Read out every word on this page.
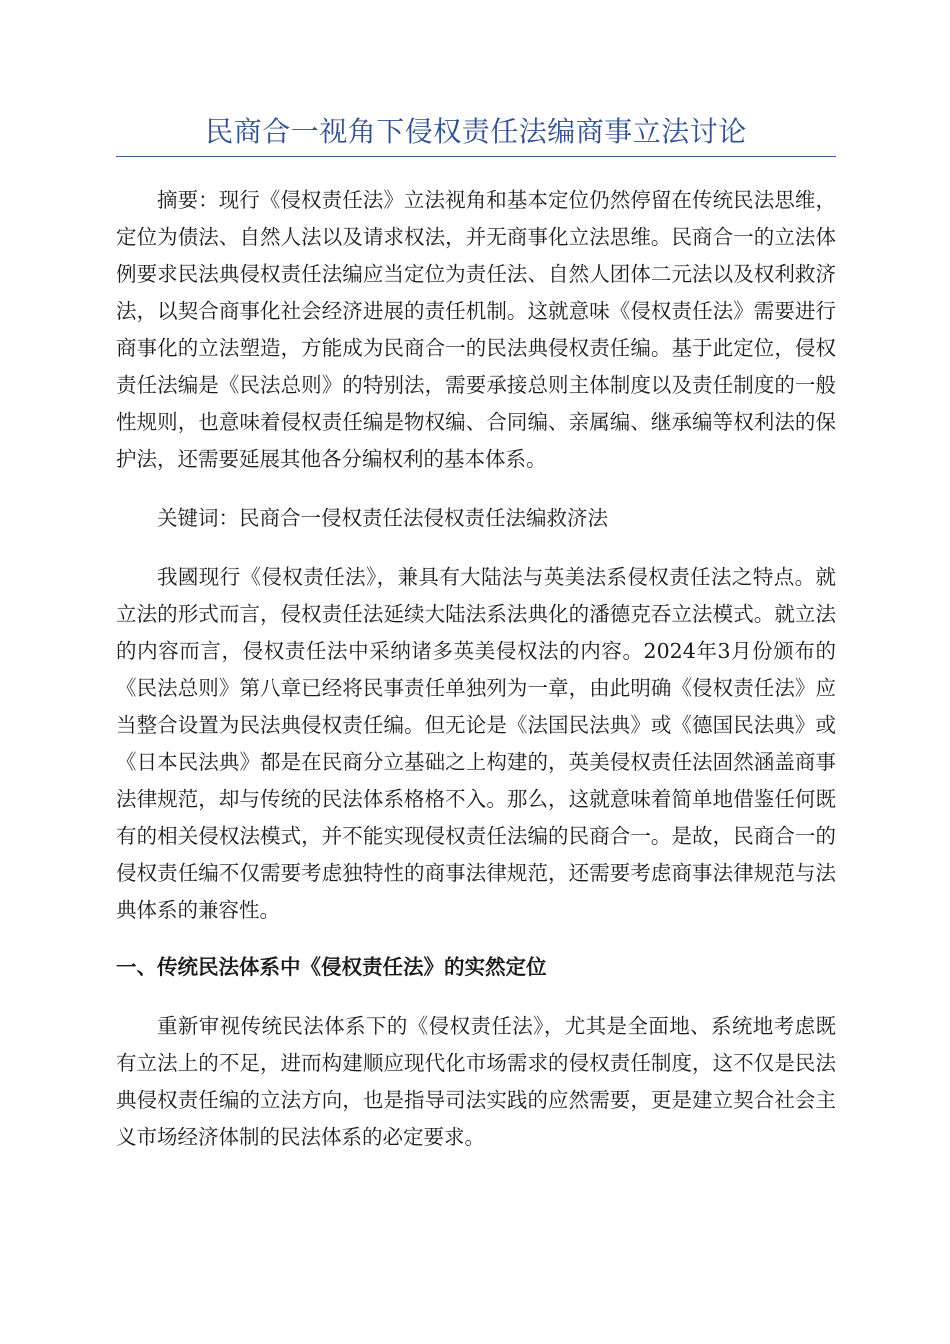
民商合一视角下侵权责任法编商事立法讨论

摘要：现行《侵权责任法》立法视角和基本定位仍然停留在传统民法思维，定位为债法、自然人法以及请求权法，并无商事化立法思维。民商合一的立法体例要求民法典侵权责任法编应当定位为责任法、自然人团体二元法以及权利救济法，以契合商事化社会经济进展的责任机制。这就意味《侵权责任法》需要进行商事化的立法塑造，方能成为民商合一的民法典侵权责任编。基于此定位，侵权责任法编是《民法总则》的特别法，需要承接总则主体制度以及责任制度的一般性规则，也意味着侵权责任编是物权编、合同编、亲属编、继承编等权利法的保护法，还需要延展其他各分编权利的基本体系。

关键词：民商合一侵权责任法侵权责任法编救济法

我國现行《侵权责任法》，兼具有大陆法与英美法系侵权责任法之特点。就立法的形式而言，侵权责任法延续大陆法系法典化的潘德克吞立法模式。就立法的内容而言，侵权责任法中采纳诸多英美侵权法的内容。2024年3月份颁布的《民法总则》第八章已经将民事责任单独列为一章，由此明确《侵权责任法》应当整合设置为民法典侵权责任编。但无论是《法国民法典》或《德国民法典》或《日本民法典》都是在民商分立基础之上构建的，英美侵权责任法固然涵盖商事法律规范，却与传统的民法体系格格不入。那么，这就意味着简单地借鉴任何既有的相关侵权法模式，并不能实现侵权责任法编的民商合一。是故，民商合一的侵权责任编不仅需要考虑独特性的商事法律规范，还需要考虑商事法律规范与法典体系的兼容性。

一、传统民法体系中《侵权责任法》的实然定位

重新审视传统民法体系下的《侵权责任法》，尤其是全面地、系统地考虑既有立法上的不足，进而构建顺应现代化市场需求的侵权责任制度，这不仅是民法典侵权责任编的立法方向，也是指导司法实践的应然需要，更是建立契合社会主义市场经济体制的民法体系的必定要求。
